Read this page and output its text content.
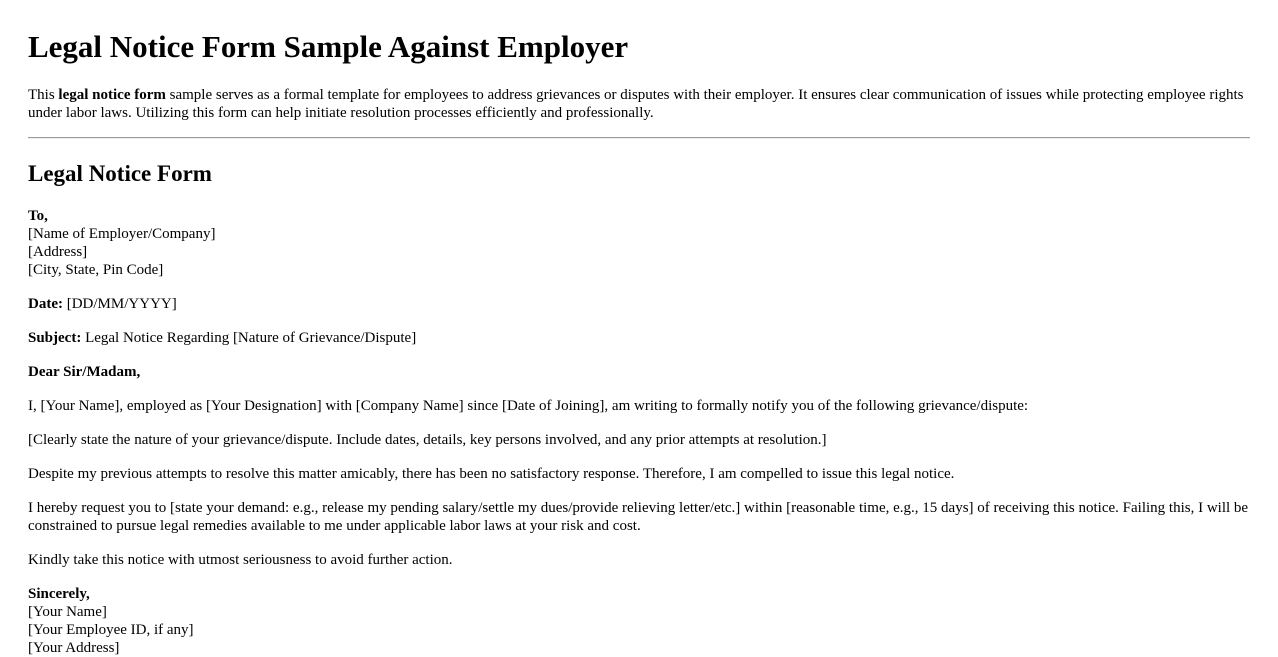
Legal Notice Form Sample Against Employer

This legal notice form sample serves as a formal template for employees to address grievances or disputes with their employer. It ensures clear communication of issues while protecting employee rights under labor laws. Utilizing this form can help initiate resolution processes efficiently and professionally.

Legal Notice Form

To,
[Name of Employer/Company]
[Address]
[City, State, Pin Code]

Date: [DD/MM/YYYY]

Subject: Legal Notice Regarding [Nature of Grievance/Dispute]

Dear Sir/Madam,

I, [Your Name], employed as [Your Designation] with [Company Name] since [Date of Joining], am writing to formally notify you of the following grievance/dispute:

[Clearly state the nature of your grievance/dispute. Include dates, details, key persons involved, and any prior attempts at resolution.]

Despite my previous attempts to resolve this matter amicably, there has been no satisfactory response. Therefore, I am compelled to issue this legal notice.

I hereby request you to [state your demand: e.g., release my pending salary/settle my dues/provide relieving letter/etc.] within [reasonable time, e.g., 15 days] of receiving this notice. Failing this, I will be constrained to pursue legal remedies available to me under applicable labor laws at your risk and cost.

Kindly take this notice with utmost seriousness to avoid further action.

Sincerely,
[Your Name]
[Your Employee ID, if any]
[Your Address]
